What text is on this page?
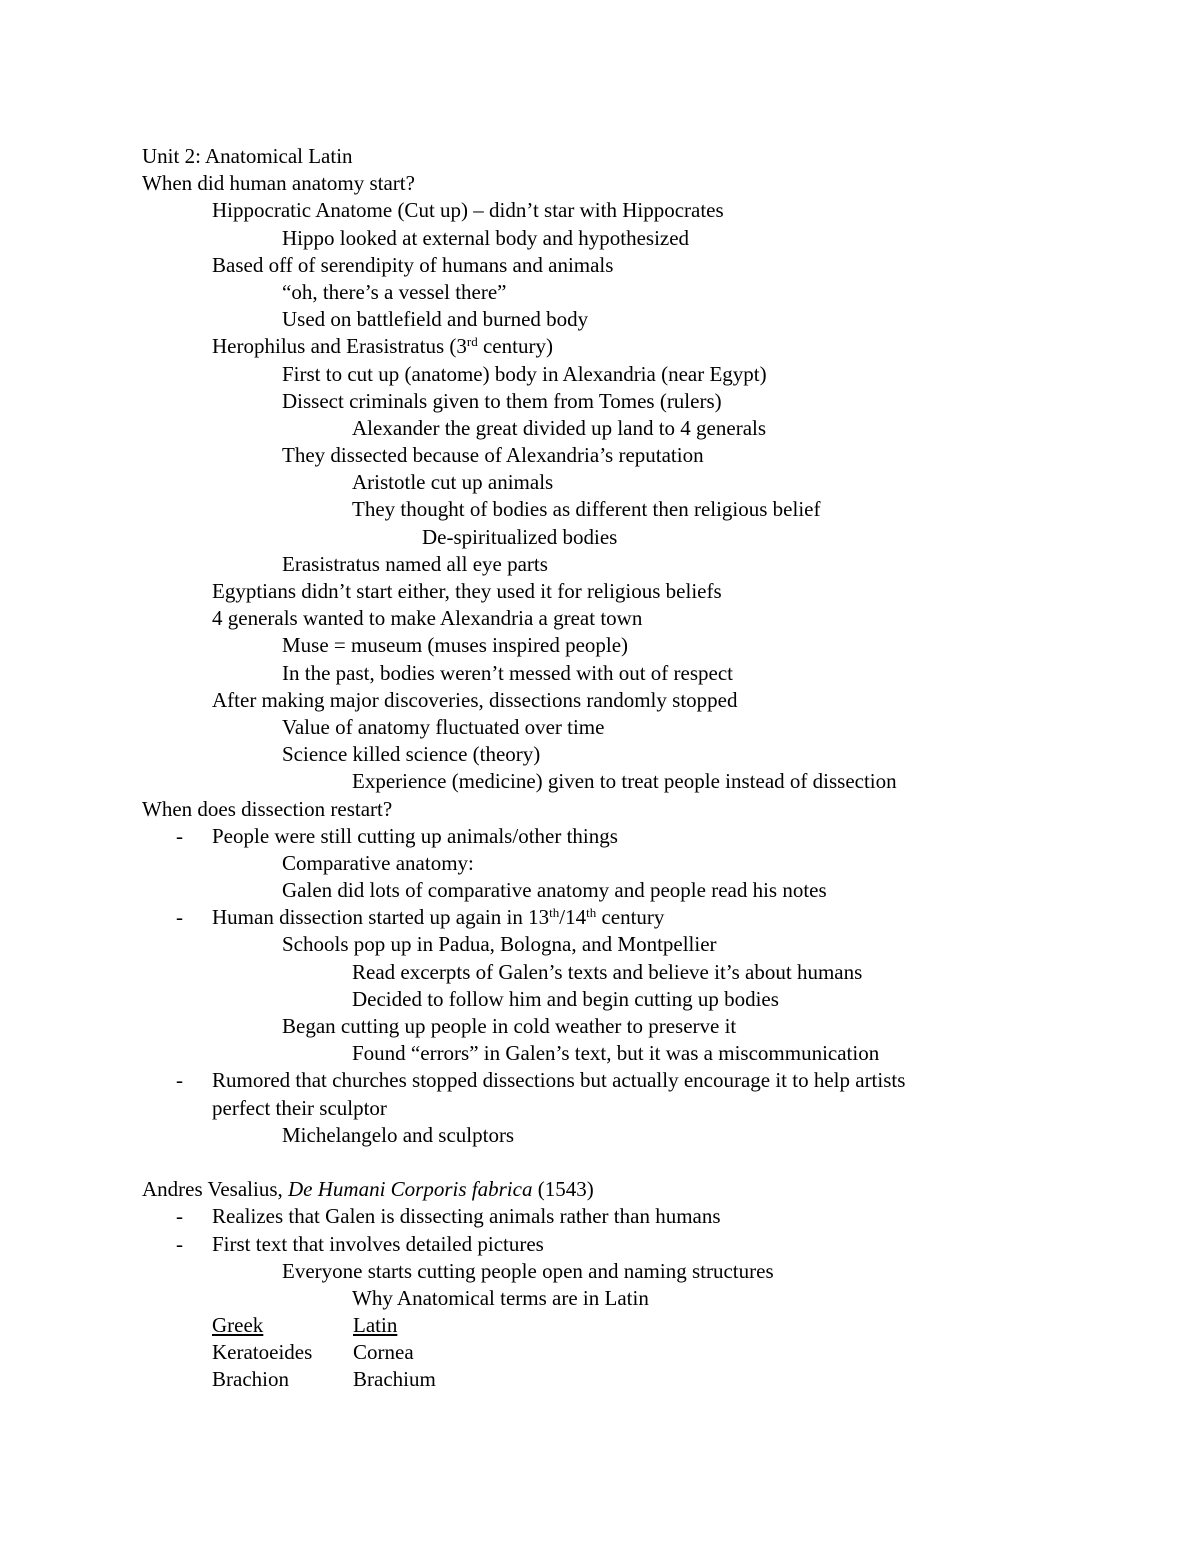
Unit 2: Anatomical Latin
When did human anatomy start?
Hippocratic Anatome (Cut up) – didn’t star with Hippocrates
Hippo looked at external body and hypothesized
Based off of serendipity of humans and animals
“oh, there’s a vessel there”
Used on battlefield and burned body
Herophilus and Erasistratus (3rd century)
First to cut up (anatome) body in Alexandria (near Egypt)
Dissect criminals given to them from Tomes (rulers)
Alexander the great divided up land to 4 generals
They dissected because of Alexandria’s reputation
Aristotle cut up animals
They thought of bodies as different then religious belief
De-spiritualized bodies
Erasistratus named all eye parts
Egyptians didn’t start either, they used it for religious beliefs
4 generals wanted to make Alexandria a great town
Muse = museum (muses inspired people)
In the past, bodies weren’t messed with out of respect
After making major discoveries, dissections randomly stopped
Value of anatomy fluctuated over time
Science killed science (theory)
Experience (medicine) given to treat people instead of dissection
When does dissection restart?
- People were still cutting up animals/other things
Comparative anatomy:
Galen did lots of comparative anatomy and people read his notes
- Human dissection started up again in 13th/14th century
Schools pop up in Padua, Bologna, and Montpellier
Read excerpts of Galen’s texts and believe it’s about humans
Decided to follow him and begin cutting up bodies
Began cutting up people in cold weather to preserve it
Found “errors” in Galen’s text, but it was a miscommunication
- Rumored that churches stopped dissections but actually encourage it to help artists
perfect their sculptor
Michelangelo and sculptors
Andres Vesalius, De Humani Corporis fabrica (1543)
- Realizes that Galen is dissecting animals rather than humans
- First text that involves detailed pictures
Everyone starts cutting people open and naming structures
Why Anatomical terms are in Latin
Greek	Latin
Keratoeides	Cornea
Brachion	Brachium
